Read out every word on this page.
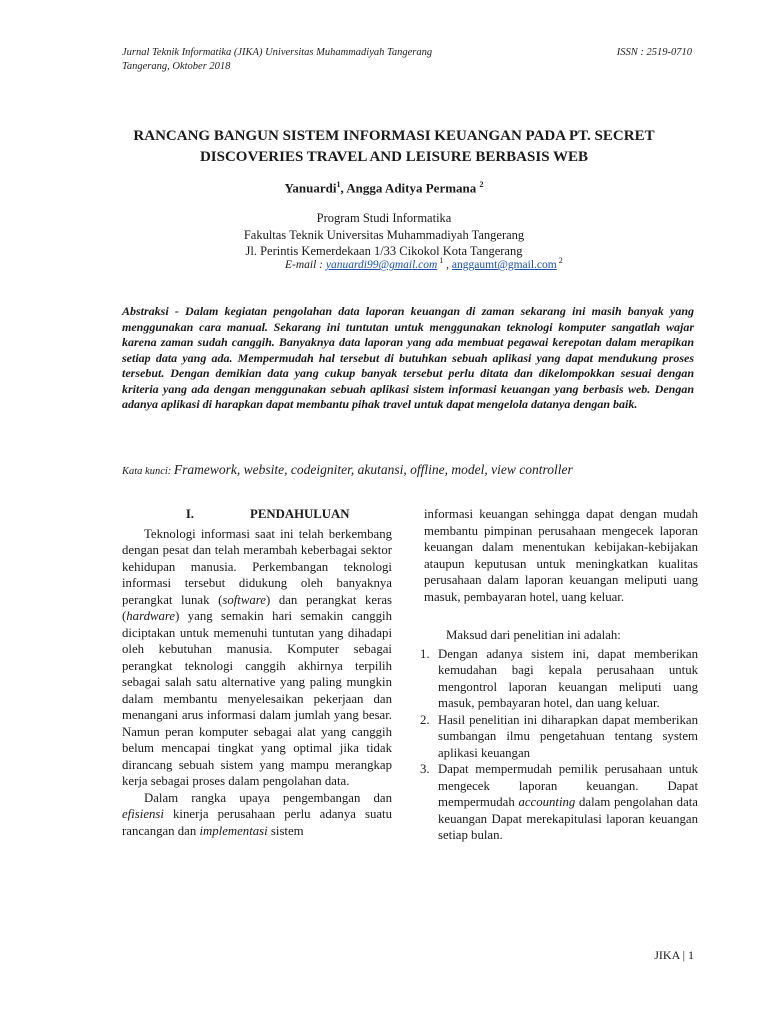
Jurnal Teknik Informatika (JIKA) Universitas Muhammadiyah Tangerang
Tangerang, Oktober 2018
ISSN : 2519-0710
RANCANG BANGUN SISTEM INFORMASI KEUANGAN PADA PT. SECRET
DISCOVERIES TRAVEL AND LEISURE BERBASIS WEB
Yanuardi$^1$, Angga Aditya Permana $^2$
Program Studi Informatika
Fakultas Teknik Universitas Muhammadiyah Tangerang
Jl. Perintis Kemerdekaan 1/33 Cikokol Kota Tangerang
E-mail : yanuardi99@gmail.com $^1$ , anggaumt@gmail.com $^2$
Abstraksi - Dalam kegiatan pengolahan data laporan keuangan di zaman sekarang ini masih banyak yang menggunakan cara manual. Sekarang ini tuntutan untuk menggunakan teknologi komputer sangatlah wajar karena zaman sudah canggih. Banyaknya data laporan yang ada membuat pegawai kerepotan dalam merapikan setiap data yang ada. Mempermudah hal tersebut di butuhkan sebuah aplikasi yang dapat mendukung proses tersebut. Dengan demikian data yang cukup banyak tersebut perlu ditata dan dikelompokkan sesuai dengan kriteria yang ada dengan menggunakan sebuah aplikasi sistem informasi keuangan yang berbasis web. Dengan adanya aplikasi di harapkan dapat membantu pihak travel untuk dapat mengelola datanya dengan baik.
Kata kunci: Framework, website, codeigniter, akutansi, offline, model, view controller
I.	PENDAHULUAN

Teknologi informasi saat ini telah berkembang dengan pesat dan telah merambah keberbagai sektor kehidupan manusia. Perkembangan teknologi informasi tersebut didukung oleh banyaknya perangkat lunak (software) dan perangkat keras (hardware) yang semakin hari semakin canggih diciptakan untuk memenuhi tuntutan yang dihadapi oleh kebutuhan manusia. Komputer sebagai perangkat teknologi canggih akhirnya terpilih sebagai salah satu alternative yang paling mungkin dalam membantu menyelesaikan pekerjaan dan menangani arus informasi dalam jumlah yang besar. Namun peran komputer sebagai alat yang canggih belum mencapai tingkat yang optimal jika tidak dirancang sebuah sistem yang mampu merangkap kerja sebagai proses dalam pengolahan data.

Dalam rangka upaya pengembangan dan efisiensi kinerja perusahaan perlu adanya suatu rancangan dan implementasi sistem

informasi keuangan sehingga dapat dengan mudah membantu pimpinan perusahaan mengecek laporan keuangan dalam menentukan kebijakan-kebijakan ataupun keputusan untuk meningkatkan kualitas perusahaan dalam laporan keuangan meliputi uang masuk, pembayaran hotel, uang keluar.

Maksud dari penelitian ini adalah:

1. Dengan adanya sistem ini, dapat memberikan kemudahan bagi kepala perusahaan untuk mengontrol laporan keuangan meliputi uang masuk, pembayaran hotel, dan uang keluar.
2. Hasil penelitian ini diharapkan dapat memberikan sumbangan ilmu pengetahuan tentang system aplikasi keuangan
3. Dapat mempermudah pemilik perusahaan untuk mengecek laporan keuangan. Dapat mempermudah accounting dalam pengolahan data keuangan Dapat merekapitulasi laporan keuangan setiap bulan.
JIKA | 1
